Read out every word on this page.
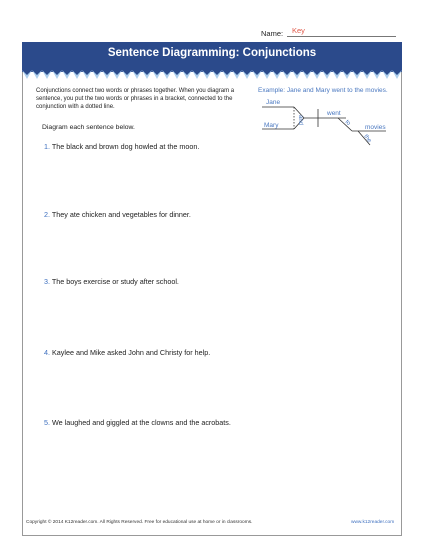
Name: Key
Sentence Diagramming: Conjunctions
Conjunctions connect two words or phrases together. When you diagram a sentence, you put the two words or phrases in a bracket, connected to the conjunction with a dotted line.
Diagram each sentence below.
Example: Jane and Mary went to the movies.
Jane
Mary
and
went
to
movies
the
1. The black and brown dog howled at the moon.
2. They ate chicken and vegetables for dinner.
3. The boys exercise or study after school.
4. Kaylee and Mike asked John and Christy for help.
5. We laughed and giggled at the clowns and the acrobats.
Copyright © 2014 K12reader.com. All Rights Reserved. Free for educational use at home or in classrooms.	www.k12reader.com
